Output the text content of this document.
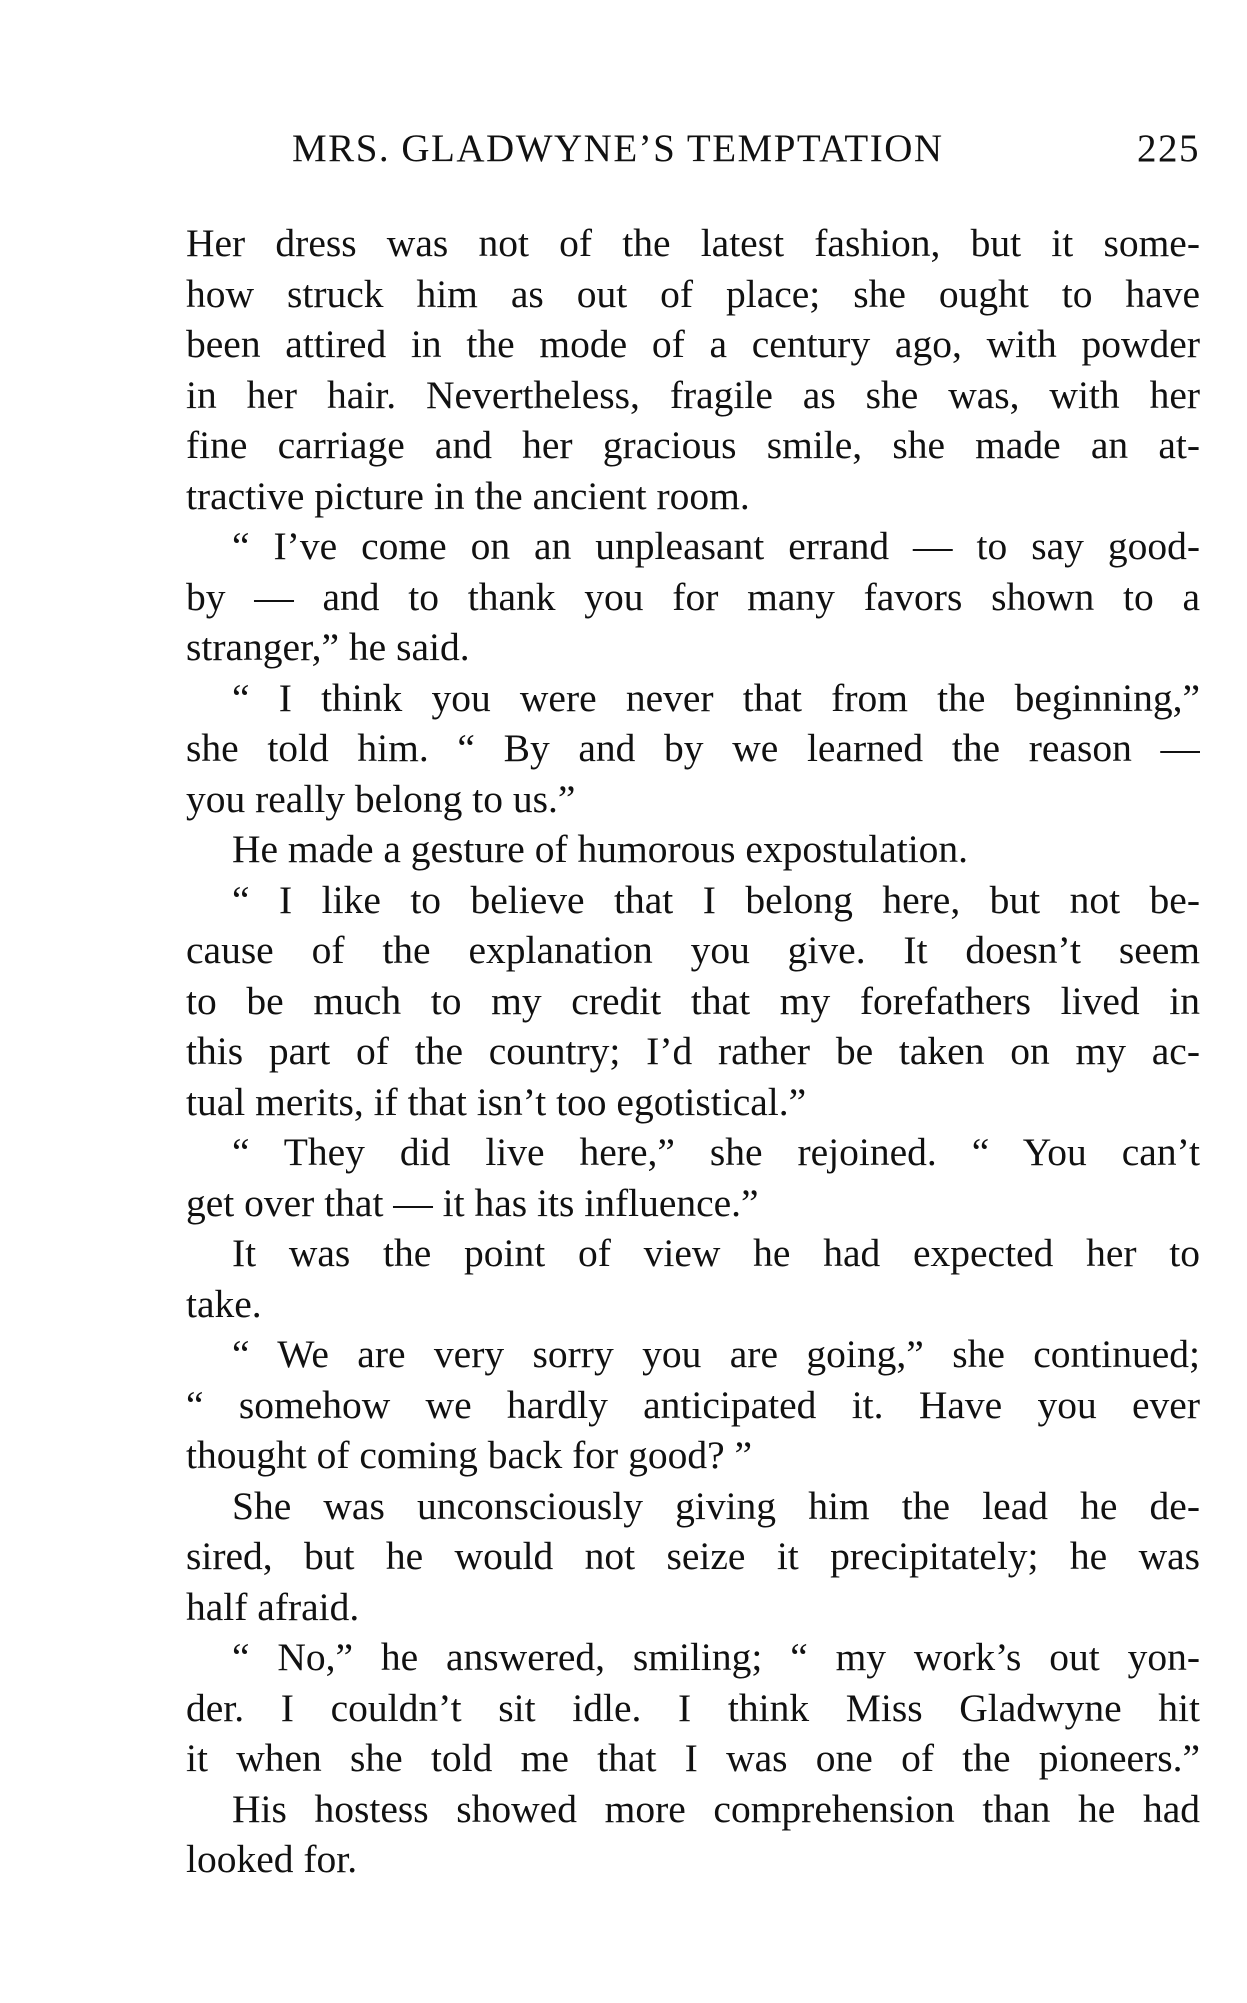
MRS. GLADWYNE’S TEMPTATION	225
Her dress was not of the latest fashion, but it some-
how struck him as out of place; she ought to have
been attired in the mode of a century ago, with powder
in her hair. Nevertheless, fragile as she was, with her
fine carriage and her gracious smile, she made an at-
tractive picture in the ancient room.
“ I’ve come on an unpleasant errand — to say good-
by — and to thank you for many favors shown to a
stranger,” he said.
“ I think you were never that from the beginning,”
she told him. “ By and by we learned the reason —
you really belong to us.”
He made a gesture of humorous expostulation.
“ I like to believe that I belong here, but not be-
cause of the explanation you give. It doesn’t seem
to be much to my credit that my forefathers lived in
this part of the country; I’d rather be taken on my ac-
tual merits, if that isn’t too egotistical.”
“ They did live here,” she rejoined. “ You can’t
get over that — it has its influence.”
It was the point of view he had expected her to
take.
“ We are very sorry you are going,” she continued;
“ somehow we hardly anticipated it. Have you ever
thought of coming back for good? ”
She was unconsciously giving him the lead he de-
sired, but he would not seize it precipitately; he was
half afraid.
“ No,” he answered, smiling; “ my work’s out yon-
der. I couldn’t sit idle. I think Miss Gladwyne hit
it when she told me that I was one of the pioneers.”
His hostess showed more comprehension than he had
looked for.
